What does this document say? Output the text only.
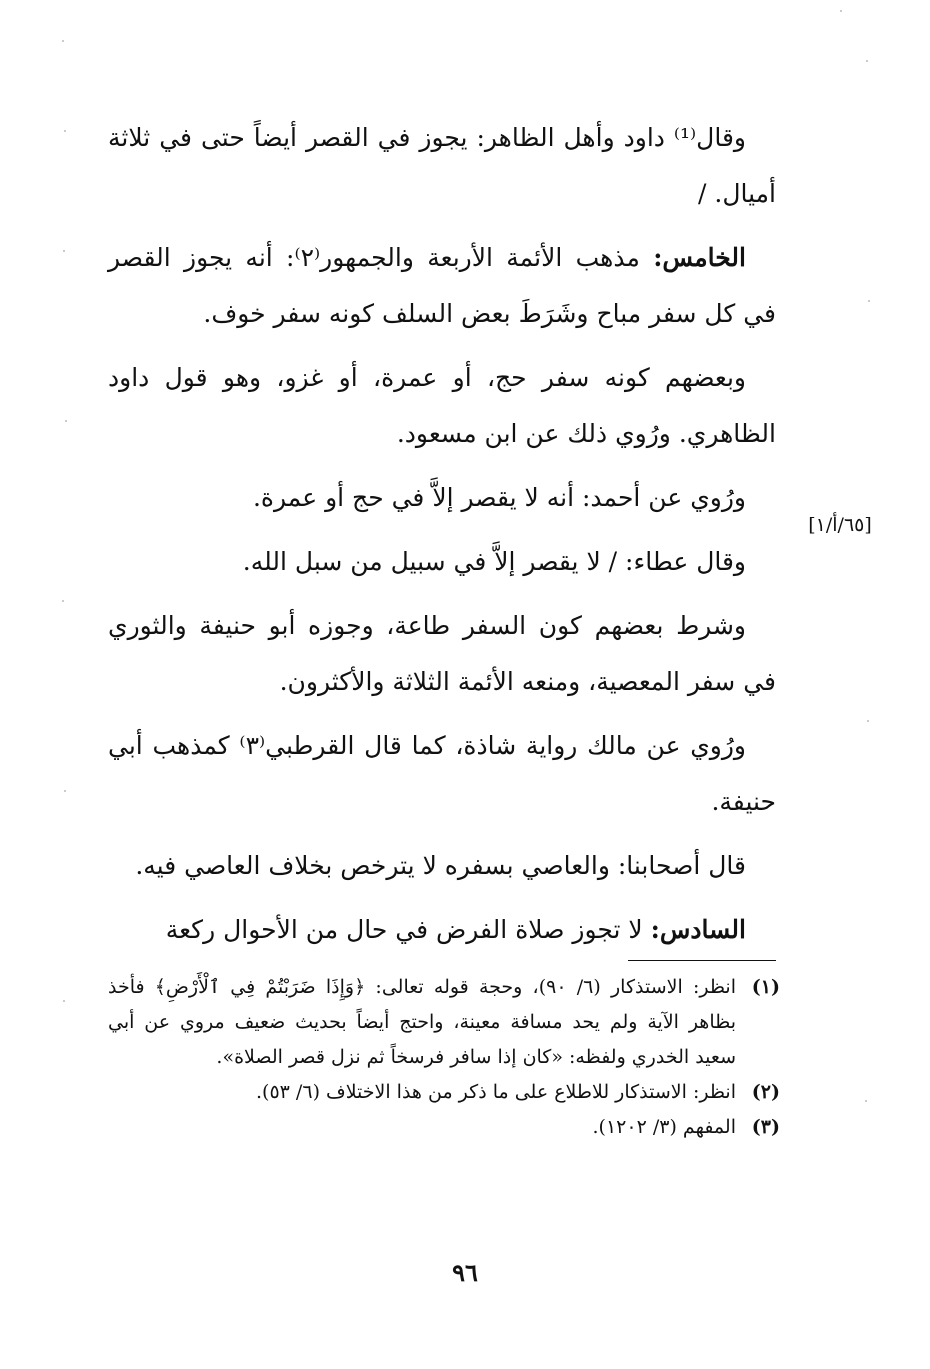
وقال⁽¹⁾ داود وأهل الظاهر: يجوز في القصر أيضاً حتى في ثلاثة أميال. /

الخامس: مذهب الأئمة الأربعة والجمهور⁽٢⁾: أنه يجوز القصر في كل سفر مباح وشَرَطَ بعض السلف كونه سفر خوف.

وبعضهم كونه سفر حج، أو عمرة، أو غزو، وهو قول داود الظاهري. ورُوي ذلك عن ابن مسعود.

ورُوي عن أحمد: أنه لا يقصر إلاَّ في حج أو عمرة.

وقال عطاء: / لا يقصر إلاَّ في سبيل من سبل الله.

وشرط بعضهم كون السفر طاعة، وجوزه أبو حنيفة والثوري في سفر المعصية، ومنعه الأئمة الثلاثة والأكثرون.

ورُوي عن مالك رواية شاذة، كما قال القرطبي⁽٣⁾ كمذهب أبي حنيفة.

قال أصحابنا: والعاصي بسفره لا يترخص بخلاف العاصي فيه.

السادس: لا تجوز صلاة الفرض في حال من الأحوال ركعة

[٦٥/أ/١]
(١)
انظر: الاستذكار (٦/ ٩٠)، وحجة قوله تعالى: ﴿وَإِذَا ضَرَبْتُمْ فِي ٱلْأَرْضِ﴾ فأخذ بظاهر الآية ولم يحد مسافة معينة، واحتج أيضاً بحديث ضعيف مروي عن أبي سعيد الخدري ولفظه: «كان إذا سافر فرسخاً ثم نزل قصر الصلاة».
(٢)
انظر: الاستذكار للاطلاع على ما ذكر من هذا الاختلاف (٦/ ٥٣).
(٣)
المفهم (٣/ ١٢٠٢).
٩٦
